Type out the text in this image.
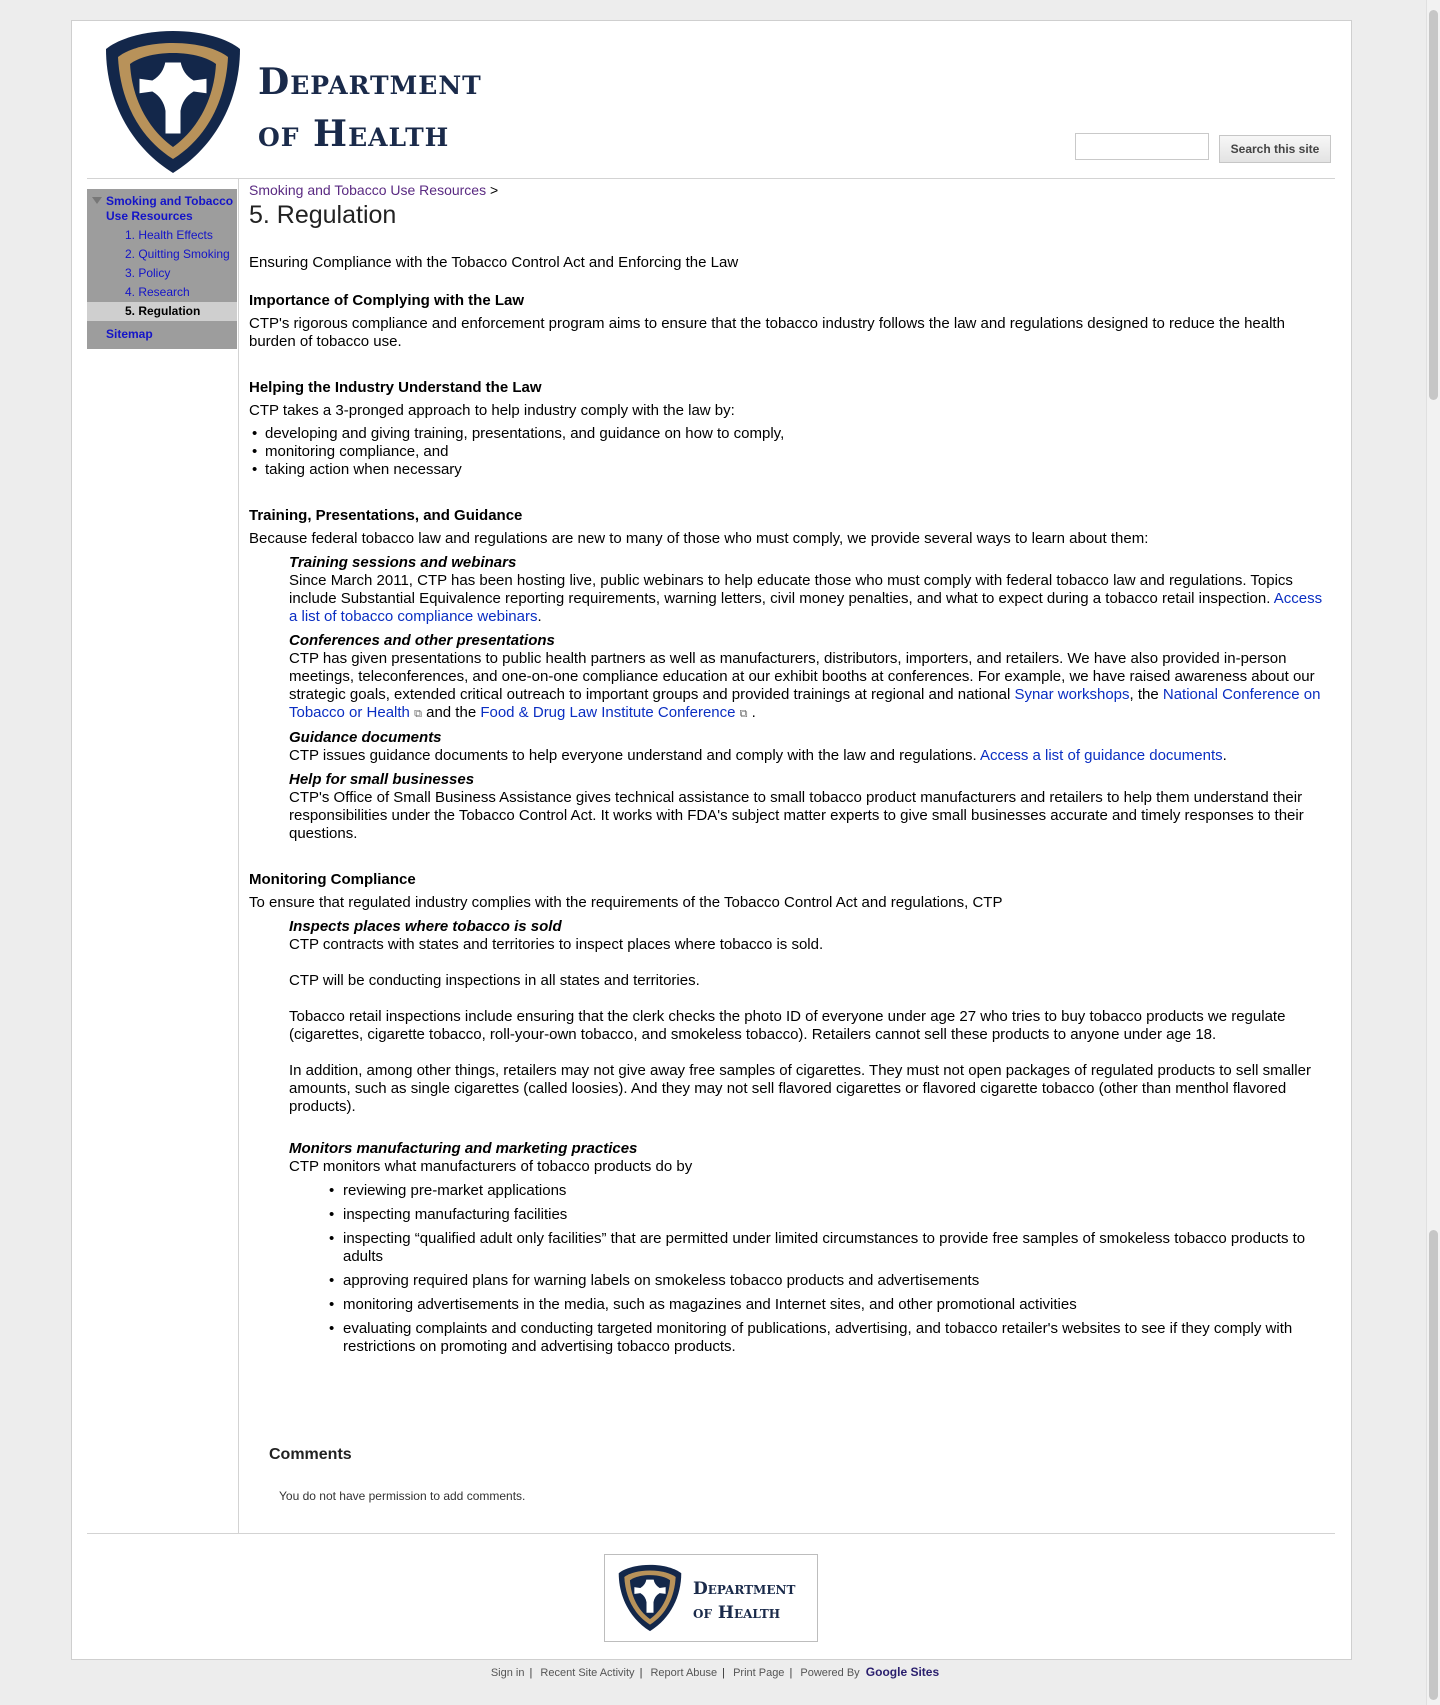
Department
of Health	Search this site
Smoking and Tobacco Use Resources
1. Health Effects
2. Quitting Smoking
3. Policy
4. Research
5. Regulation
Sitemap
Smoking and Tobacco Use Resources >
5. Regulation

Ensuring Compliance with the Tobacco Control Act and Enforcing the Law

Importance of Complying with the Law

CTP's rigorous compliance and enforcement program aims to ensure that the tobacco industry follows the law and regulations designed to reduce the health burden of tobacco use.

Helping the Industry Understand the Law

CTP takes a 3-pronged approach to help industry comply with the law by:

• developing and giving training, presentations, and guidance on how to comply,
• monitoring compliance, and
• taking action when necessary
Training, Presentations, and Guidance

Because federal tobacco law and regulations are new to many of those who must comply, we provide several ways to learn about them:

Training sessions and webinars
Since March 2011, CTP has been hosting live, public webinars to help educate those who must comply with federal tobacco law and regulations. Topics include Substantial Equivalence reporting requirements, warning letters, civil money penalties, and what to expect during a tobacco retail inspection. Access a list of tobacco compliance webinars.
Conferences and other presentations
CTP has given presentations to public health partners as well as manufacturers, distributors, importers, and retailers. We have also provided in-person meetings, teleconferences, and one-on-one compliance education at our exhibit booths at conferences. For example, we have raised awareness about our strategic goals, extended critical outreach to important groups and provided trainings at regional and national Synar workshops, the National Conference on Tobacco or Health ⧉ and the Food & Drug Law Institute Conference ⧉ .
Guidance documents
CTP issues guidance documents to help everyone understand and comply with the law and regulations. Access a list of guidance documents.
Help for small businesses
CTP's Office of Small Business Assistance gives technical assistance to small tobacco product manufacturers and retailers to help them understand their responsibilities under the Tobacco Control Act. It works with FDA's subject matter experts to give small businesses accurate and timely responses to their questions.
Monitoring Compliance

To ensure that regulated industry complies with the requirements of the Tobacco Control Act and regulations, CTP

Inspects places where tobacco is sold

CTP contracts with states and territories to inspect places where tobacco is sold.

CTP will be conducting inspections in all states and territories.

Tobacco retail inspections include ensuring that the clerk checks the photo ID of everyone under age 27 who tries to buy tobacco products we regulate (cigarettes, cigarette tobacco, roll-your-own tobacco, and smokeless tobacco). Retailers cannot sell these products to anyone under age 18.

In addition, among other things, retailers may not give away free samples of cigarettes. They must not open packages of regulated products to sell smaller amounts, such as single cigarettes (called loosies). And they may not sell flavored cigarettes or flavored cigarette tobacco (other than menthol flavored products).

Monitors manufacturing and marketing practices

CTP monitors what manufacturers of tobacco products do by

• reviewing pre-market applications
• inspecting manufacturing facilities
• inspecting “qualified adult only facilities” that are permitted under limited circumstances to provide free samples of smokeless tobacco products to adults
• approving required plans for warning labels on smokeless tobacco products and advertisements
• monitoring advertisements in the media, such as magazines and Internet sites, and other promotional activities
• evaluating complaints and conducting targeted monitoring of publications, advertising, and tobacco retailer's websites to see if they comply with restrictions on promoting and advertising tobacco products.
Comments
You do not have permission to add comments.
Department
of Health
Sign in | Recent Site Activity | Report Abuse | Print Page | Powered By Google Sites
